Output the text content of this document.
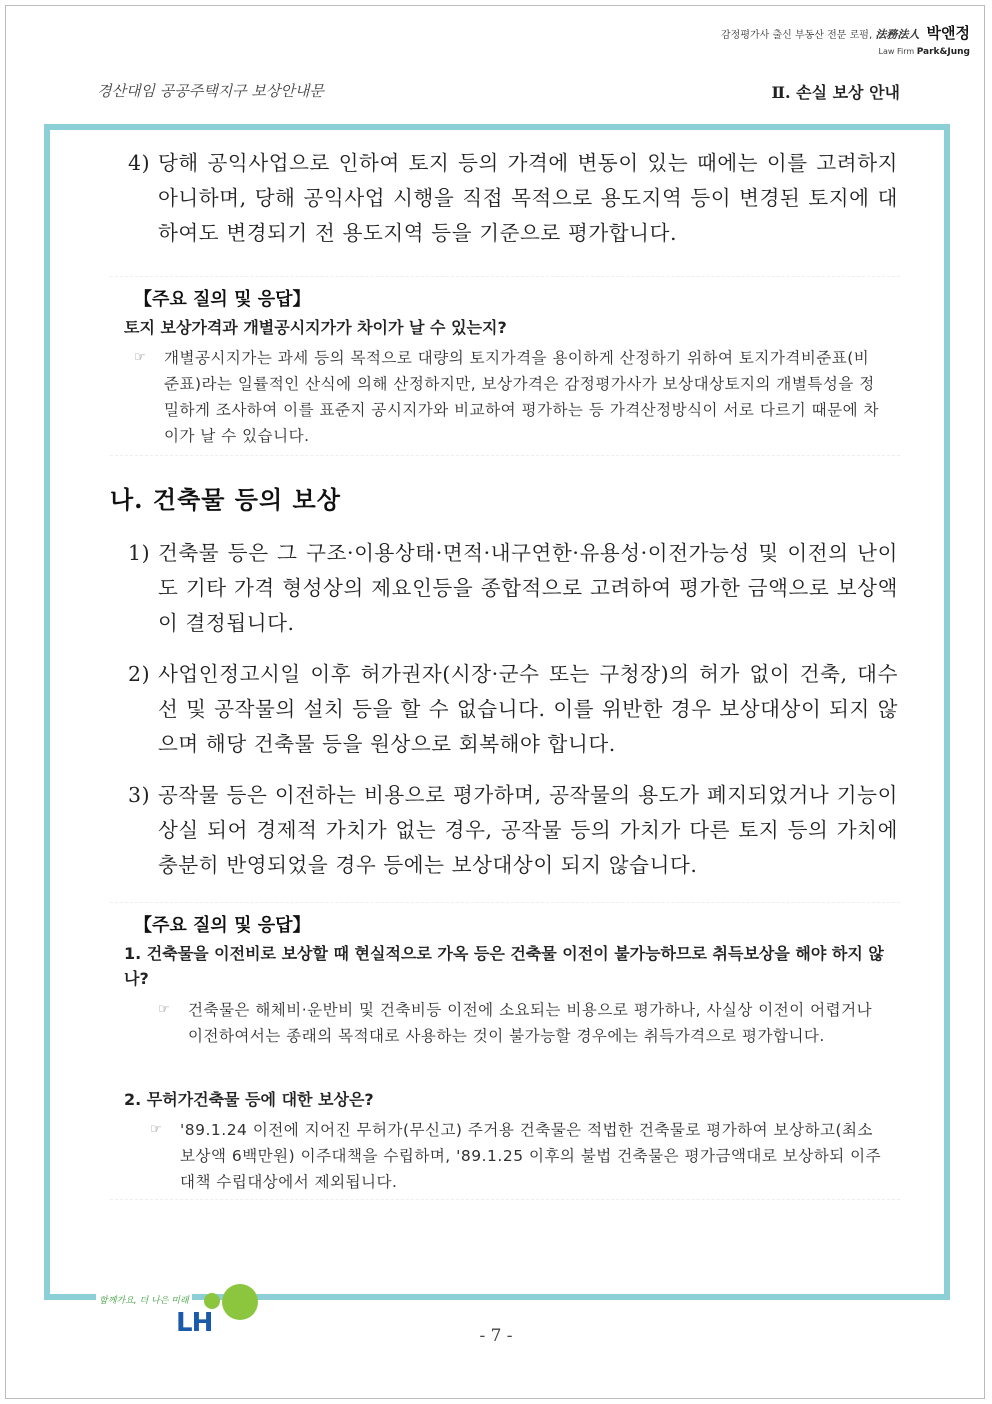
감정평가사 출신 부동산 전문 로펌, 法務法人 박앤정
Law Firm Park&Jung
경산대임 공공주택지구 보상안내문	Ⅱ. 손실 보상 안내
4) 당해 공익사업으로 인하여 토지 등의 가격에 변동이 있는 때에는 이를 고려하지 아니하며, 당해 공익사업 시행을 직접 목적으로 용도지역 등이 변경된 토지에 대하여도 변경되기 전 용도지역 등을 기준으로 평가합니다.

【주요 질의 및 응답】
토지 보상가격과 개별공시지가가 차이가 날 수 있는지?
☞ 개별공시지가는 과세 등의 목적으로 대량의 토지가격을 용이하게 산정하기 위하여 토지가격비준표(비준표)라는 일률적인 산식에 의해 산정하지만, 보상가격은 감정평가사가 보상대상토지의 개별특성을 정밀하게 조사하여 이를 표준지 공시지가와 비교하여 평가하는 등 가격산정방식이 서로 다르기 때문에 차이가 날 수 있습니다.
나. 건축물 등의 보상
1) 건축물 등은 그 구조·이용상태·면적·내구연한·유용성·이전가능성 및 이전의 난이도 기타 가격 형성상의 제요인등을 종합적으로 고려하여 평가한 금액으로 보상액이 결정됩니다.

2) 사업인정고시일 이후 허가권자(시장·군수 또는 구청장)의 허가 없이 건축, 대수선 및 공작물의 설치 등을 할 수 없습니다. 이를 위반한 경우 보상대상이 되지 않으며 해당 건축물 등을 원상으로 회복해야 합니다.

3) 공작물 등은 이전하는 비용으로 평가하며, 공작물의 용도가 폐지되었거나 기능이 상실 되어 경제적 가치가 없는 경우, 공작물 등의 가치가 다른 토지 등의 가치에 충분히 반영되었을 경우 등에는 보상대상이 되지 않습니다.

【주요 질의 및 응답】
1. 건축물을 이전비로 보상할 때 현실적으로 가옥 등은 건축물 이전이 불가능하므로 취득보상을 해야 하지 않나?
☞ 건축물은 해체비·운반비 및 건축비등 이전에 소요되는 비용으로 평가하나, 사실상 이전이 어렵거나 이전하여서는 종래의 목적대로 사용하는 것이 불가능할 경우에는 취득가격으로 평가합니다.
2. 무허가건축물 등에 대한 보상은?
☞ '89.1.24 이전에 지어진 무허가(무신고) 주거용 건축물은 적법한 건축물로 평가하여 보상하고(최소보상액 6백만원) 이주대책을 수립하며, '89.1.25 이후의 불법 건축물은 평가금액대로 보상하되 이주대책 수립대상에서 제외됩니다.
함께가요, 더 나은 미래
LH	- 7 -
